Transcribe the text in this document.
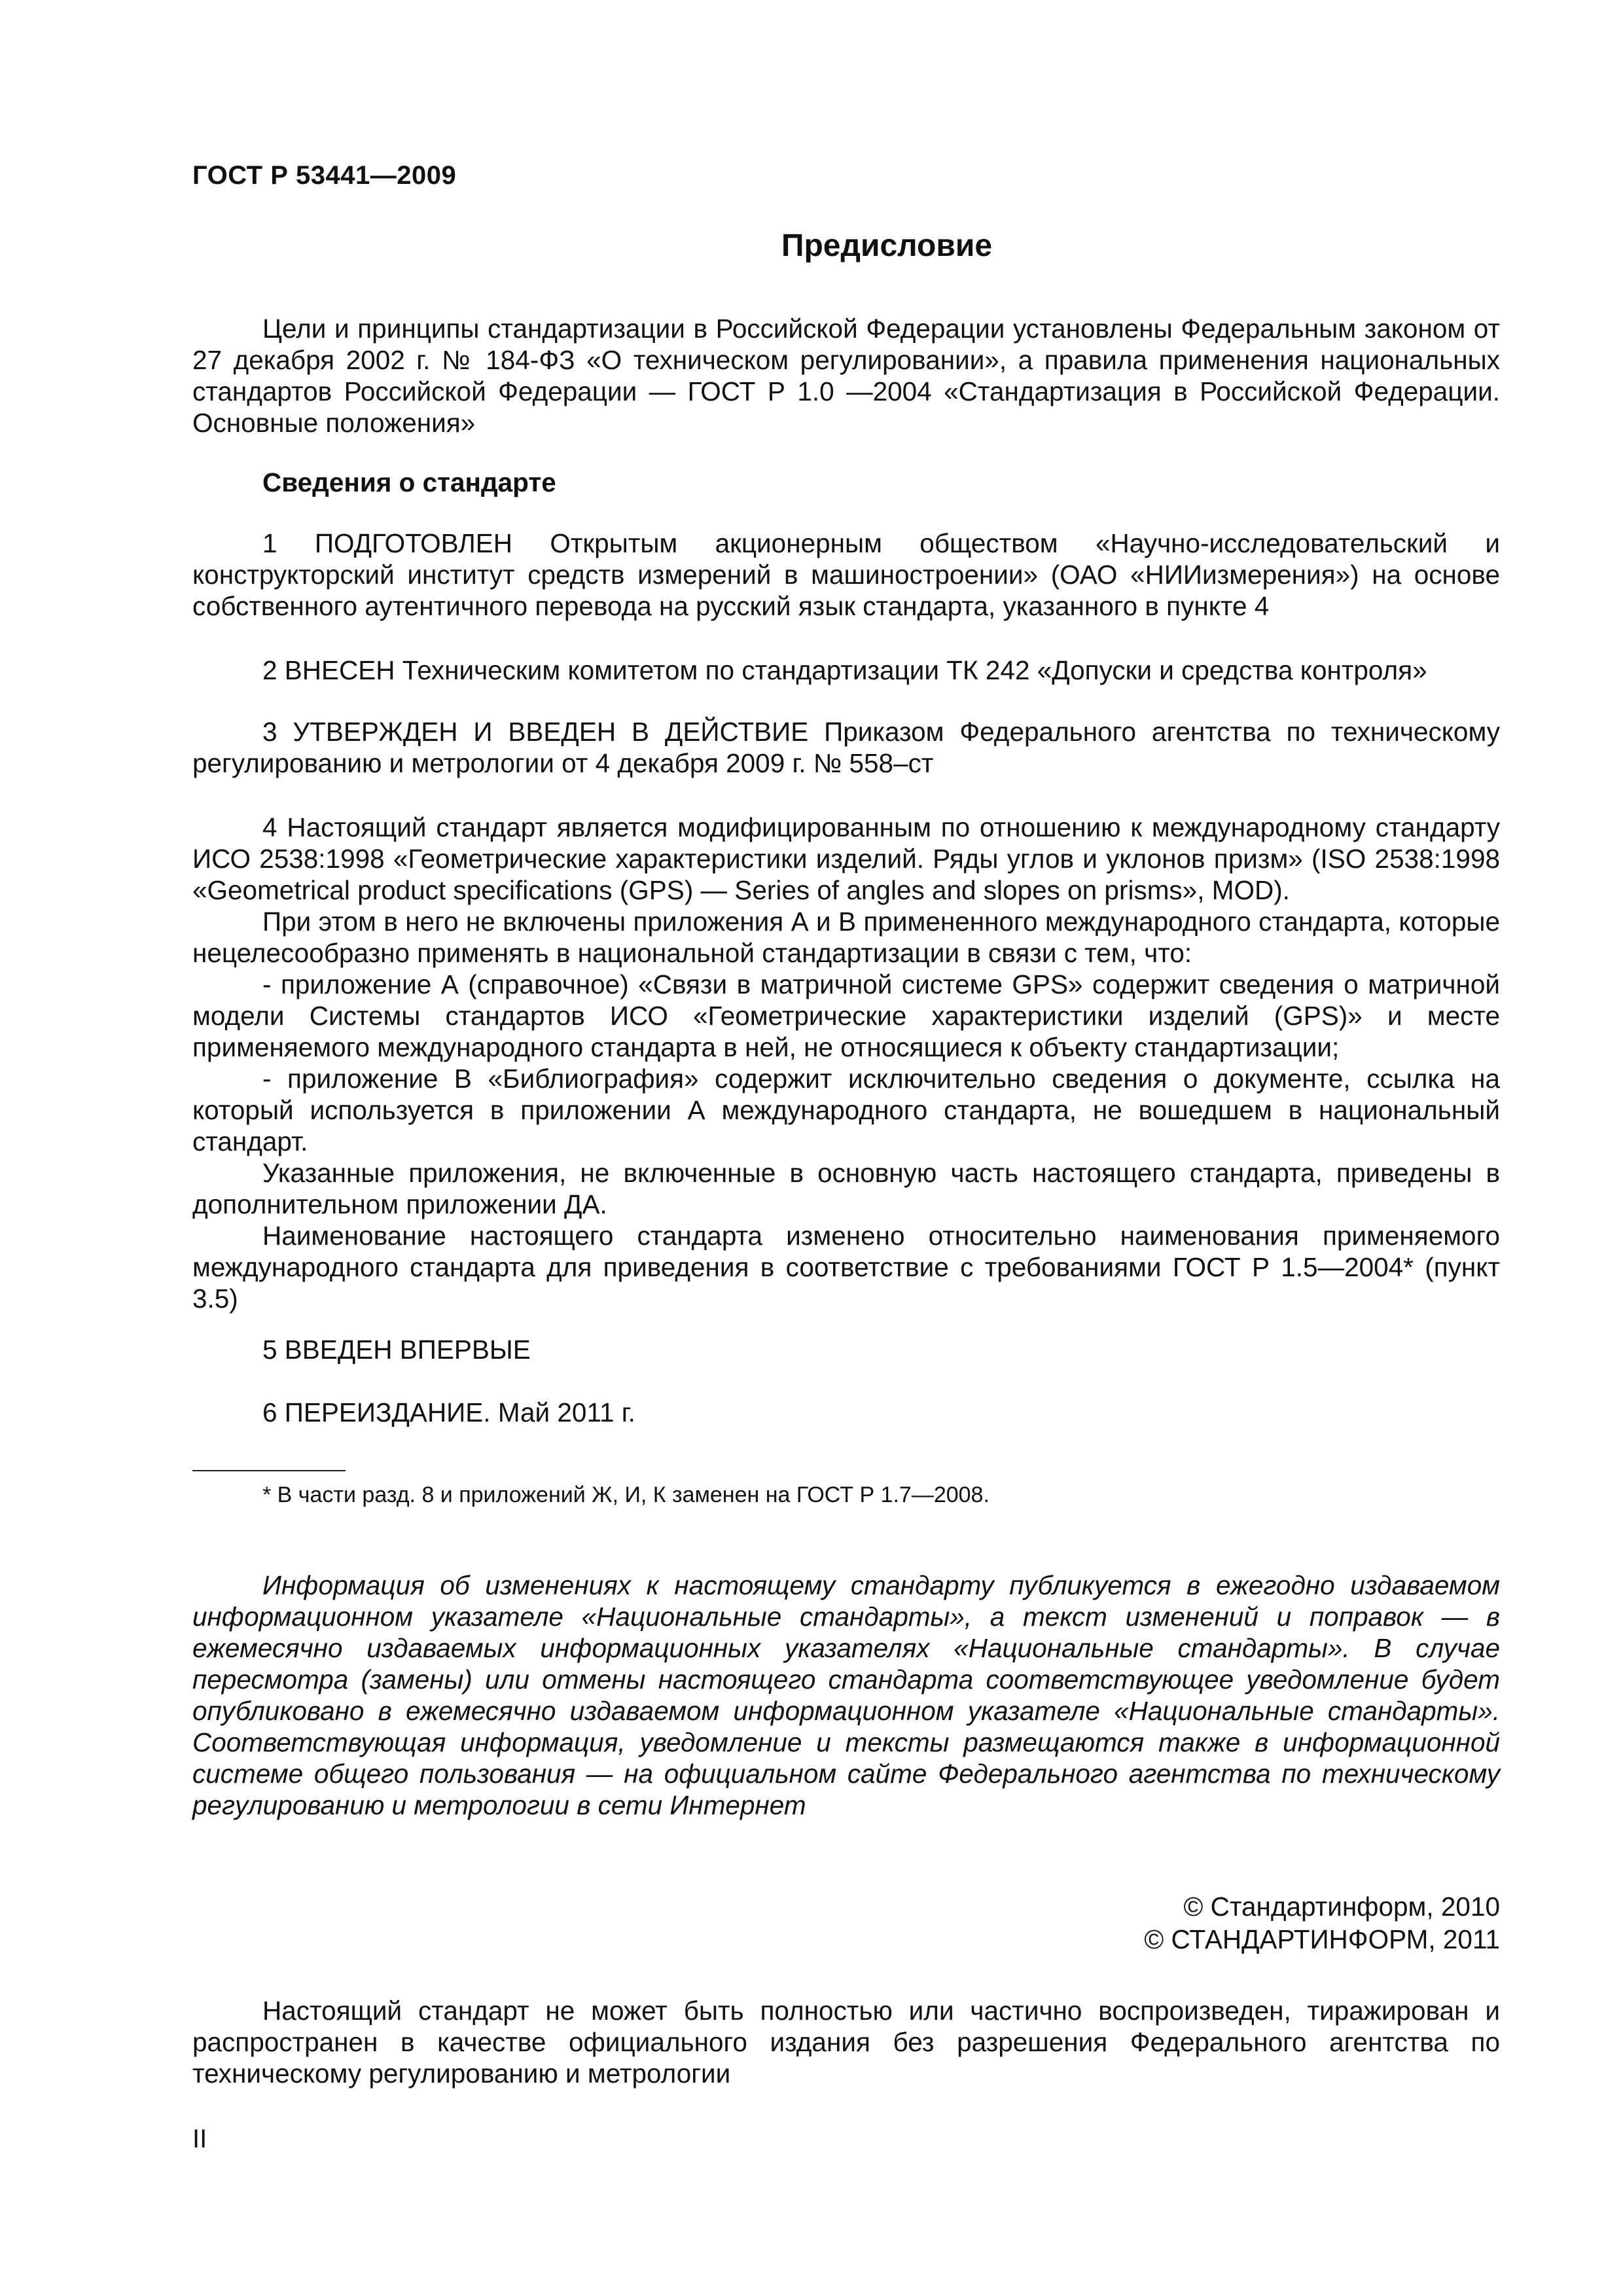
ГОСТ Р 53441—2009
Предисловие

Цели и принципы стандартизации в Российской Федерации установлены Федеральным законом от 27 декабря 2002 г. № 184-ФЗ «О техническом регулировании», а правила применения национальных стандартов Российской Федерации — ГОСТ Р 1.0 —2004 «Стандартизация в Российской Федерации. Основные положения»

Сведения о стандарте

1 ПОДГОТОВЛЕН Открытым акционерным обществом «Научно-исследовательский и конструкторский институт средств измерений в машиностроении» (ОАО «НИИизмерения») на основе собственного аутентичного перевода на русский язык стандарта, указанного в пункте 4

2 ВНЕСЕН Техническим комитетом по стандартизации ТК 242 «Допуски и средства контроля»

3 УТВЕРЖДЕН И ВВЕДЕН В ДЕЙСТВИЕ Приказом Федерального агентства по техническому регулированию и метрологии от 4 декабря 2009 г. № 558–ст

4 Настоящий стандарт является модифицированным по отношению к международному стандарту ИСО 2538:1998 «Геометрические характеристики изделий. Ряды углов и уклонов призм» (ISO 2538:1998 «Geometrical product specifications (GPS) — Series of angles and slopes on prisms», MOD).

При этом в него не включены приложения А и В примененного международного стандарта, которые нецелесообразно применять в национальной стандартизации в связи с тем, что:

- приложение А (справочное) «Связи в матричной системе GPS» содержит сведения о матричной модели Системы стандартов ИСО «Геометрические характеристики изделий (GPS)» и месте применяемого международного стандарта в ней, не относящиеся к объекту стандартизации;

- приложение В «Библиография» содержит исключительно сведения о документе, ссылка на который используется в приложении А международного стандарта, не вошедшем в национальный стандарт.

Указанные приложения, не включенные в основную часть настоящего стандарта, приведены в дополнительном приложении ДА.

Наименование настоящего стандарта изменено относительно наименования применяемого международного стандарта для приведения в соответствие с требованиями ГОСТ Р 1.5—2004* (пункт 3.5)

5 ВВЕДЕН ВПЕРВЫЕ

6 ПЕРЕИЗДАНИЕ. Май 2011 г.

* В части разд. 8 и приложений Ж, И, К заменен на ГОСТ Р 1.7—2008.

Информация об изменениях к настоящему стандарту публикуется в ежегодно издаваемом информационном указателе «Национальные стандарты», а текст изменений и поправок — в ежемесячно издаваемых информационных указателях «Национальные стандарты». В случае пересмотра (замены) или отмены настоящего стандарта соответствующее уведомление будет опубликовано в ежемесячно издаваемом информационном указателе «Национальные стандарты». Соответствующая информация, уведомление и тексты размещаются также в информационной системе общего пользования — на официальном сайте Федерального агентства по техническому регулированию и метрологии в сети Интернет

© Стандартинформ, 2010
© СТАНДАРТИНФОРМ, 2011

Настоящий стандарт не может быть полностью или частично воспроизведен, тиражирован и распространен в качестве официального издания без разрешения Федерального агентства по техническому регулированию и метрологии

II
